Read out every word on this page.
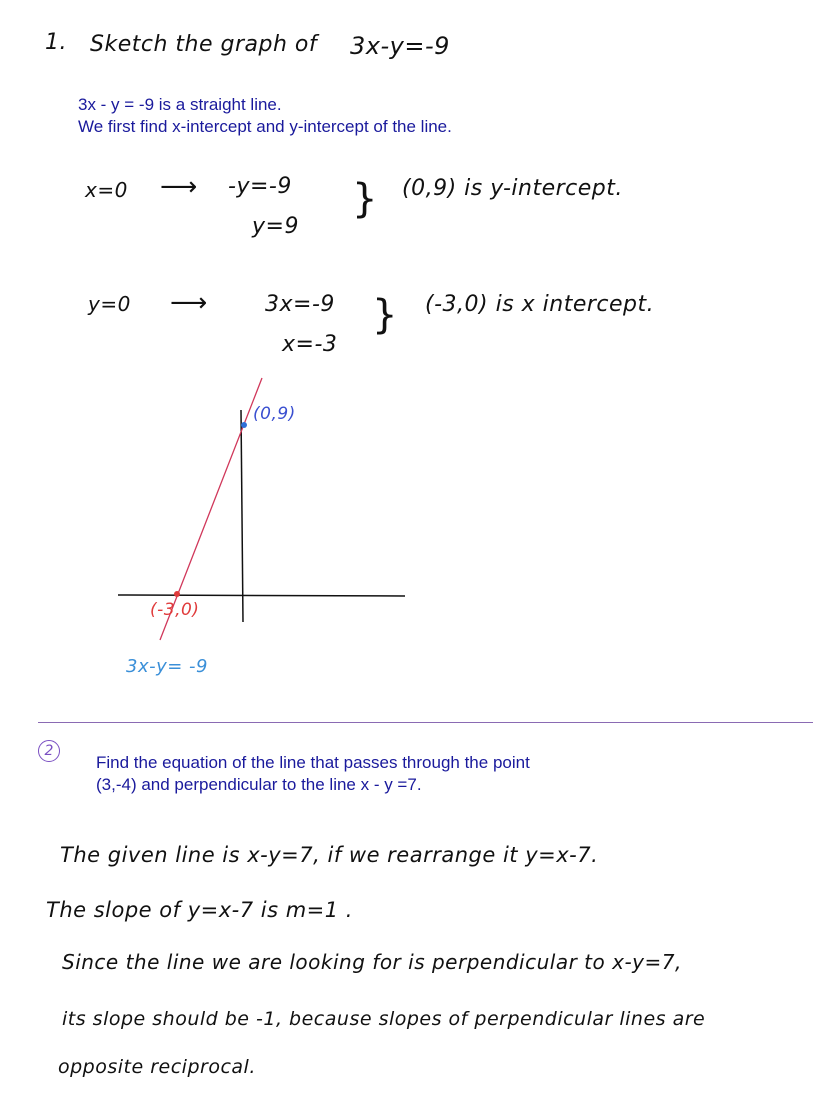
1. Sketch the graph of 3x-y=-9
3x - y = -9 is a straight line.
We first find x-intercept and y-intercept of the line.
x=0 ⟶ -y=-9
y=9
} (0,9) is y-intercept.
y=0 ⟶	3x=-9
x=-3
} (-3,0) is x intercept.
(0,9)
(-3,0)
3x-y= -9
2
Find the equation of the line that passes through the point
(3,-4) and perpendicular to the line x - y =7.
The given line is x-y=7, if we rearrange it y=x-7.
The slope of y=x-7 is m=1 .
Since the line we are looking for is perpendicular to x-y=7,
its slope should be -1, because slopes of perpendicular lines are
opposite reciprocal.
